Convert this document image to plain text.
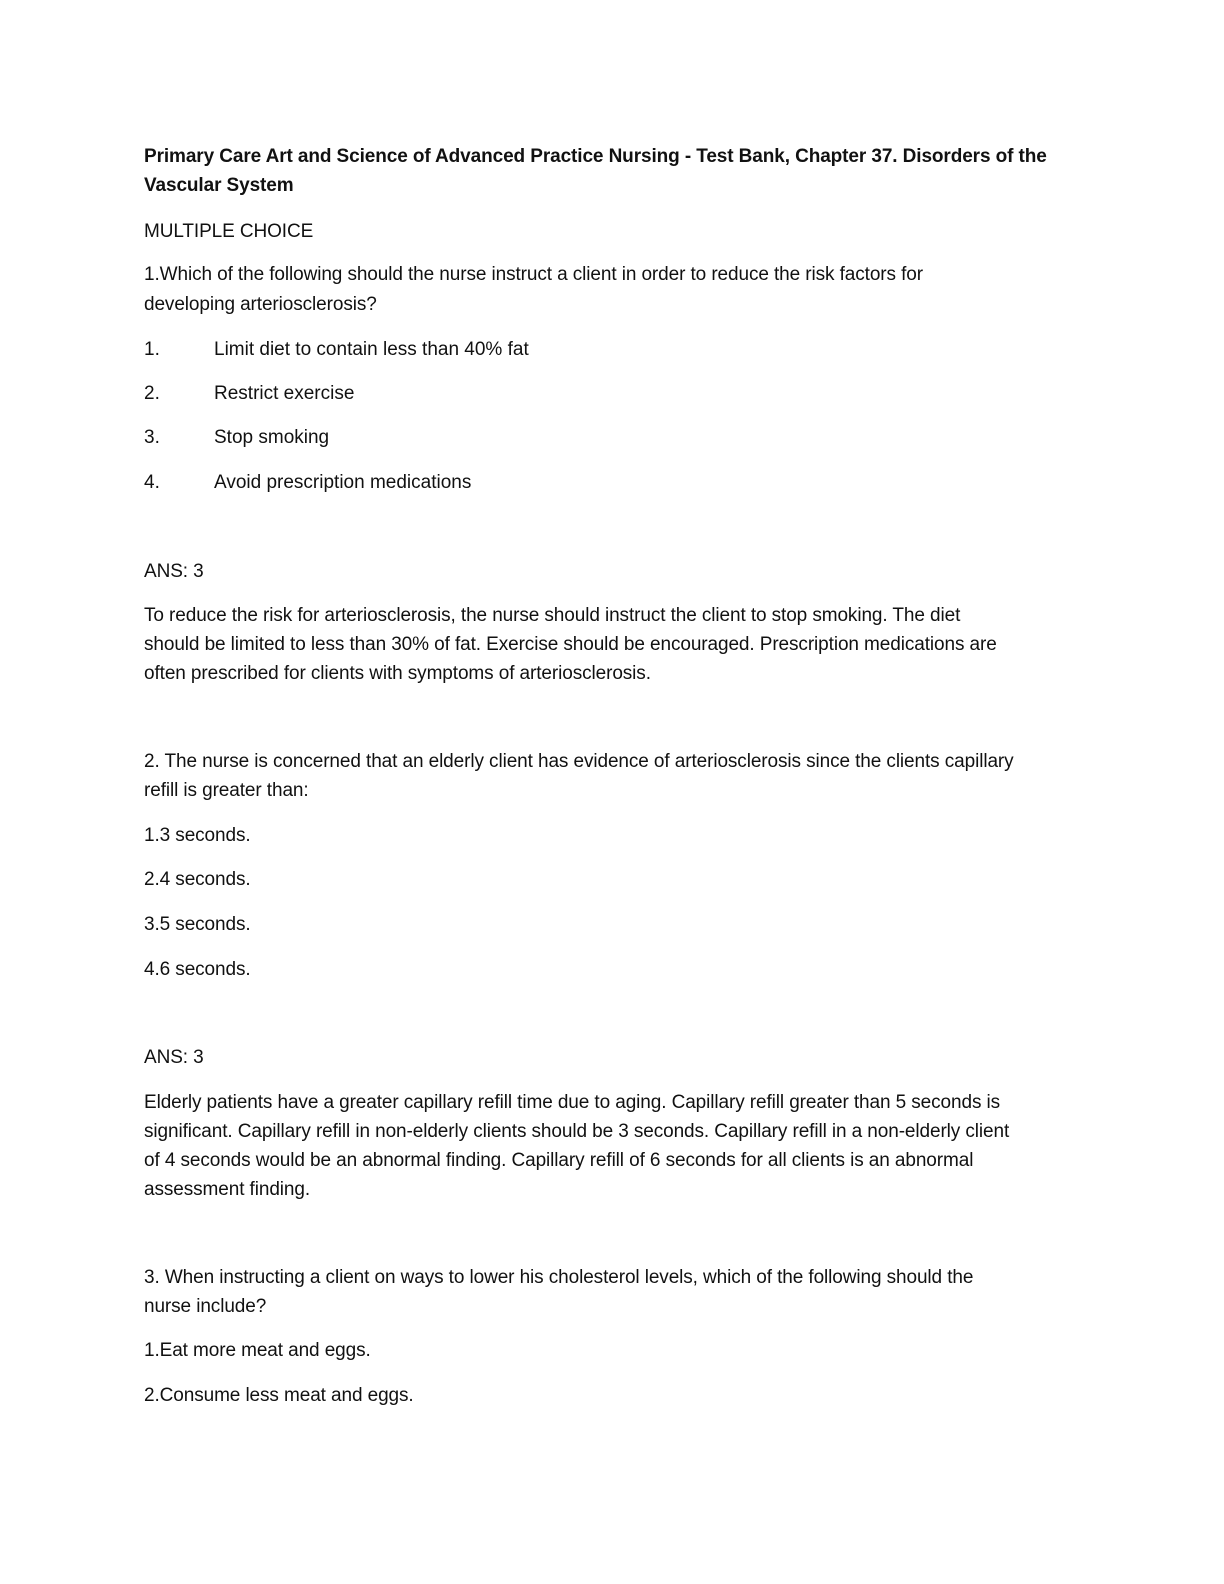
Primary Care Art and Science of Advanced Practice Nursing - Test Bank, Chapter 37. Disorders of the
Vascular System
MULTIPLE CHOICE
1.Which of the following should the nurse instruct a client in order to reduce the risk factors for
developing arteriosclerosis?
1.	Limit diet to contain less than 40% fat
2.	Restrict exercise
3.	Stop smoking
4.	Avoid prescription medications
ANS: 3
To reduce the risk for arteriosclerosis, the nurse should instruct the client to stop smoking. The diet
should be limited to less than 30% of fat. Exercise should be encouraged. Prescription medications are
often prescribed for clients with symptoms of arteriosclerosis.
2. The nurse is concerned that an elderly client has evidence of arteriosclerosis since the clients capillary
refill is greater than:
1.3 seconds.
2.4 seconds.
3.5 seconds.
4.6 seconds.
ANS: 3
Elderly patients have a greater capillary refill time due to aging. Capillary refill greater than 5 seconds is
significant. Capillary refill in non-elderly clients should be 3 seconds. Capillary refill in a non-elderly client
of 4 seconds would be an abnormal finding. Capillary refill of 6 seconds for all clients is an abnormal
assessment finding.
3. When instructing a client on ways to lower his cholesterol levels, which of the following should the
nurse include?
1.Eat more meat and eggs.
2.Consume less meat and eggs.
